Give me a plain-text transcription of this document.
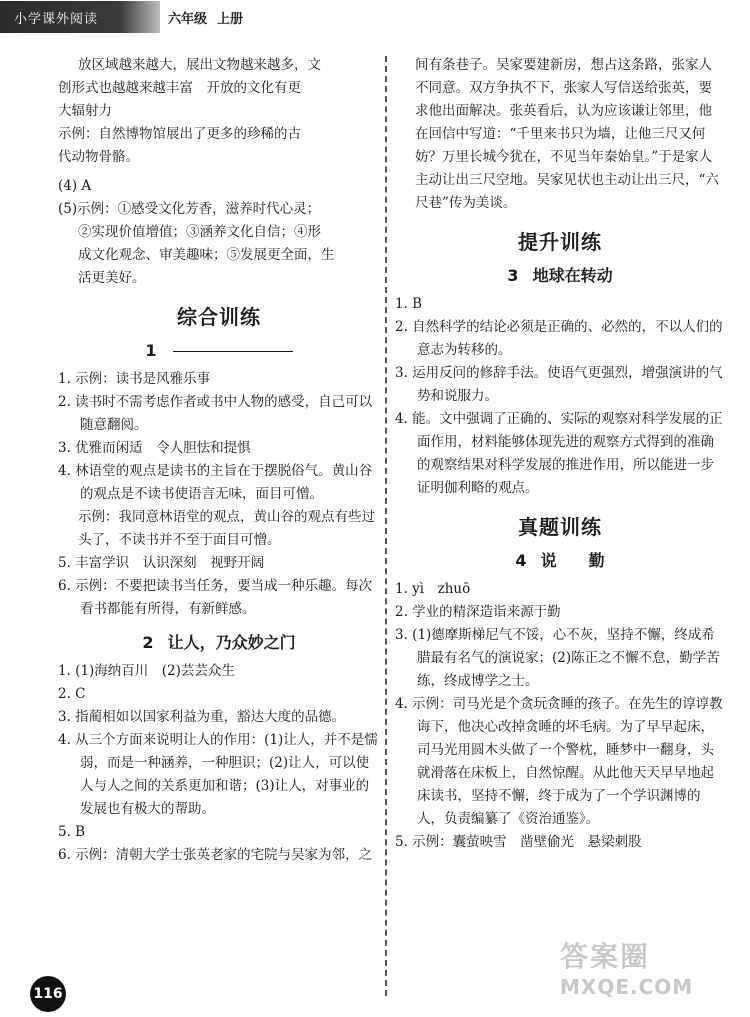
小学课外阅读	六年级 上册

放区域越来越大，展出文物越来越多，文

创形式也越越来越丰富　开放的文化有更

大辐射力

示例：自然博物馆展出了更多的珍稀的古

代动物骨骼。

(4) A

(5)示例：①感受文化芳香，滋养时代心灵；

②实现价值增值；③涵养文化自信；④形

成文化观念、审美趣味；⑤发展更全面，生

活更美好。

综合训练
1

1. 示例：读书是风雅乐事

2. 读书时不需考虑作者或书中人物的感受，自己可以随意翻阅。

3. 优雅而闲适　令人胆怯和提惧

4. 林语堂的观点是读书的主旨在于摆脱俗气。黄山谷的观点是不读书使语言无味，面目可憎。

示例：我同意林语堂的观点，黄山谷的观点有些过头了，不读书并不至于面目可憎。

5. 丰富学识　认识深刻　视野开阔

6. 示例：不要把读书当任务，要当成一种乐趣。每次看书都能有所得，有新鲜感。

2 让人，乃众妙之门

1. (1)海纳百川　(2)芸芸众生

2. C

3. 指蔺相如以国家利益为重，豁达大度的品德。

4. 从三个方面来说明让人的作用：(1)让人，并不是懦弱，而是一种涵养，一种胆识；(2)让人，可以使人与人之间的关系更加和谐；(3)让人，对事业的发展也有极大的帮助。

5. B

6. 示例：清朝大学士张英老家的宅院与吴家为邻，之

间有条巷子。吴家要建新房，想占这条路，张家人不同意。双方争执不下，张家人写信送给张英，要求他出面解决。张英看后，认为应该谦让邻里，他在回信中写道：“千里来书只为墙，让他三尺又何妨？万里长城今犹在，不见当年秦始皇。”于是家人主动让出三尺空地。吴家见状也主动让出三尺，“六尺巷”传为美谈。

提升训练
3 地球在转动

1. B

2. 自然科学的结论必须是正确的、必然的，不以人们的意志为转移的。

3. 运用反问的修辞手法。使语气更强烈，增强演讲的气势和说服力。

4. 能。文中强调了正确的、实际的观察对科学发展的正面作用，材料能够体现先进的观察方式得到的准确的观察结果对科学发展的推进作用，所以能进一步证明伽利略的观点。

真题训练
4 说　　勤

1. yì　zhuō

2. 学业的精深造诣来源于勤

3. (1)德摩斯梯尼气不馁，心不灰，坚持不懈，终成希腊最有名气的演说家；(2)陈正之不懈不怠，勤学苦练，终成博学之士。

4. 示例：司马光是个贪玩贪睡的孩子。在先生的谆谆教诲下，他决心改掉贪睡的坏毛病。为了早早起床，司马光用圆木头做了一个警枕，睡梦中一翻身，头就滑落在床板上，自然惊醒。从此他天天早早地起床读书，坚持不懈，终于成为了一个学识渊博的人，负责编纂了《资治通鉴》。

5. 示例：囊萤映雪　凿壁偷光　悬梁刺股

116
答案圈
MXQE.COM
